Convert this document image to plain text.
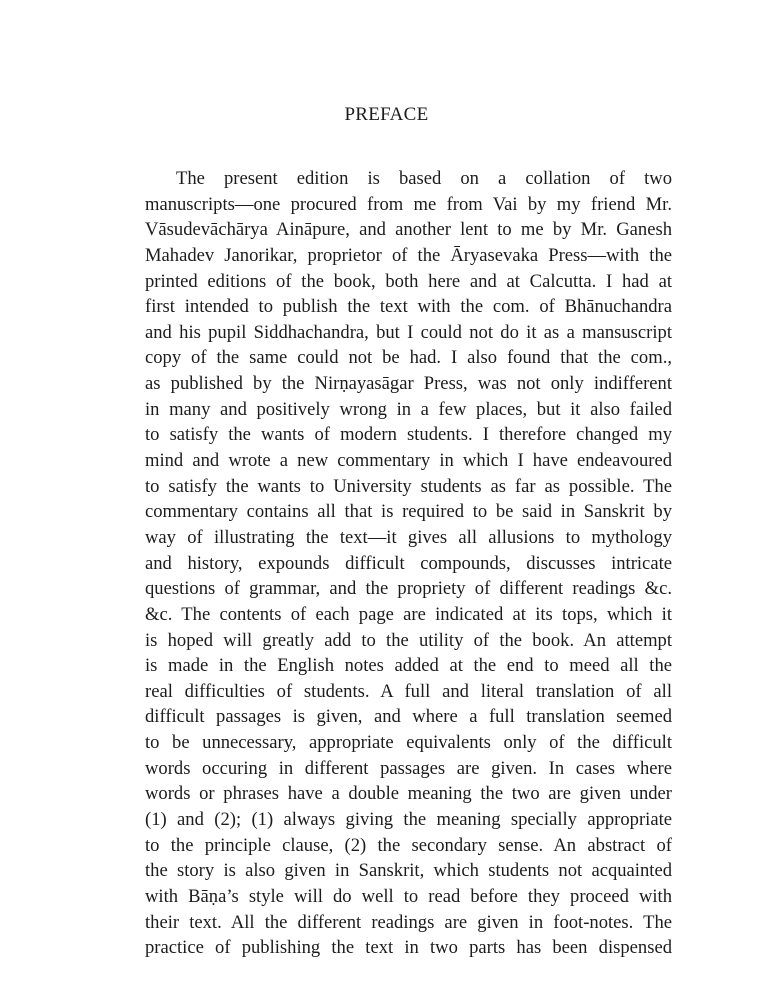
PREFACE
The present edition is based on a collation of two
manuscripts—one procured from me from Vai by my friend Mr.
Vāsudevāchārya Aināpure, and another lent to me by Mr. Ganesh
Mahadev Janorikar, proprietor of the Āryasevaka Press—with the
printed editions of the book, both here and at Calcutta. I had at
first intended to publish the text with the com. of Bhānuchandra
and his pupil Siddhachandra, but I could not do it as a mansuscript
copy of the same could not be had. I also found that the com.,
as published by the Nirṇayasāgar Press, was not only indifferent
in many and positively wrong in a few places, but it also failed
to satisfy the wants of modern students. I therefore changed my
mind and wrote a new commentary in which I have endeavoured
to satisfy the wants to University students as far as possible. The
commentary contains all that is required to be said in Sanskrit by
way of illustrating the text—it gives all allusions to mythology
and history, expounds difficult compounds, discusses intricate
questions of grammar, and the propriety of different readings &c.
&c. The contents of each page are indicated at its tops, which it
is hoped will greatly add to the utility of the book. An attempt
is made in the English notes added at the end to meed all the
real difficulties of students. A full and literal translation of all
difficult passages is given, and where a full translation seemed
to be unnecessary, appropriate equivalents only of the difficult
words occuring in different passages are given. In cases where
words or phrases have a double meaning the two are given under
(1) and (2); (1) always giving the meaning specially appropriate
to the principle clause, (2) the secondary sense. An abstract of
the story is also given in Sanskrit, which students not acquainted
with Bāṇa’s style will do well to read before they proceed with
their text. All the different readings are given in foot-notes. The
practice of publishing the text in two parts has been dispensed
